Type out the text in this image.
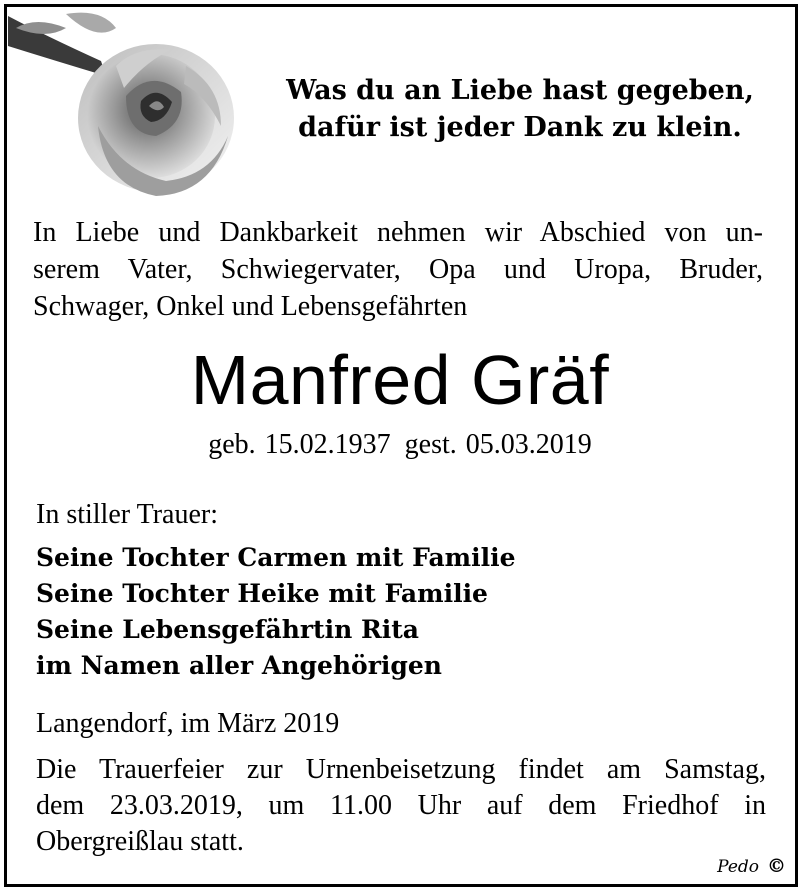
Was du an Liebe hast gegeben,
dafür ist jeder Dank zu klein.
In Liebe und Dankbarkeit nehmen wir Abschied von un-
serem Vater, Schwiegervater, Opa und Uropa, Bruder,
Schwager, Onkel und Lebensgefährten
Manfred Gräf
geb. 15.02.1937 gest. 05.03.2019
In stiller Trauer:
Seine Tochter Carmen mit Familie
Seine Tochter Heike mit Familie
Seine Lebensgefährtin Rita
im Namen aller Angehörigen
Langendorf, im März 2019
Die Trauerfeier zur Urnenbeisetzung findet am Samstag,
dem 23.03.2019, um 11.00 Uhr auf dem Friedhof in
Obergreißlau statt.
Pedo ©
